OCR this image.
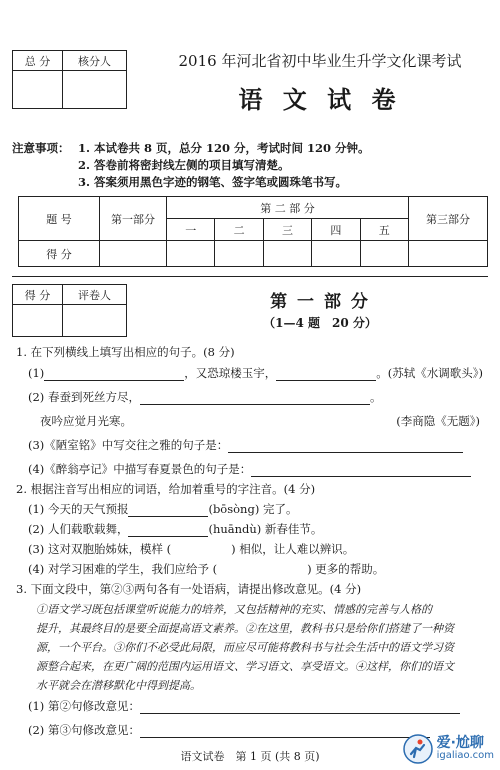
总 分	核分人
		2016 年河北省初中毕业生升学文化课考试
语 文 试 卷
注意事项： 1. 本试卷共 8 页，总分 120 分，考试时间 120 分钟。
2. 答卷前将密封线左侧的项目填写清楚。
3. 答案须用黑色字迹的钢笔、签字笔或圆珠笔书写。
题 号	第一部分	第 二 部 分					第三部分
		一	二	三	四	五	
得 分							
得 分	评卷人
		第 一 部 分
（1—4 题　20 分）
1. 在下列横线上填写出相应的句子。(8 分)
(1)	，又恐琼楼玉宇，	。(苏轼《水调歌头》)
(2) 春蚕到死丝方尽，	。
夜吟应觉月光寒。	(李商隐《无题》)
(3)《陋室铭》中写交往之雅的句子是：
(4)《醉翁亭记》中描写春夏景色的句子是：
2. 根据注音写出相应的词语，给加着重号的字注音。(4 分)
(1) 今天的天气预报	(bōsòng) 完了。
(2) 人们载歌载舞，	(huāndù) 新春佳节。
(3) 这对双胞胎姊妹，模样 (	) 相似，让人难以辨识。
(4) 对学习困难的学生，我们应给予 (	) 更多的帮助。
3. 下面文段中，第②③两句各有一处语病，请提出修改意见。(4 分)
①语文学习既包括课堂听说能力的培养，又包括精神的充实、情感的完善与人格的
提升，其最终目的是要全面提高语文素养。②在这里，教科书只是给你们搭建了一种资
源，一个平台。③你们不必受此局限，而应尽可能将教科书与社会生活中的语文学习资
源整合起来，在更广阔的范围内运用语文、学习语文、享受语文。④这样，你们的语文
水平就会在潜移默化中得到提高。
(1) 第②句修改意见：
(2) 第③句修改意见：
语文试卷　第 1 页 (共 8 页)
爱·尬聊
igaliao.com
